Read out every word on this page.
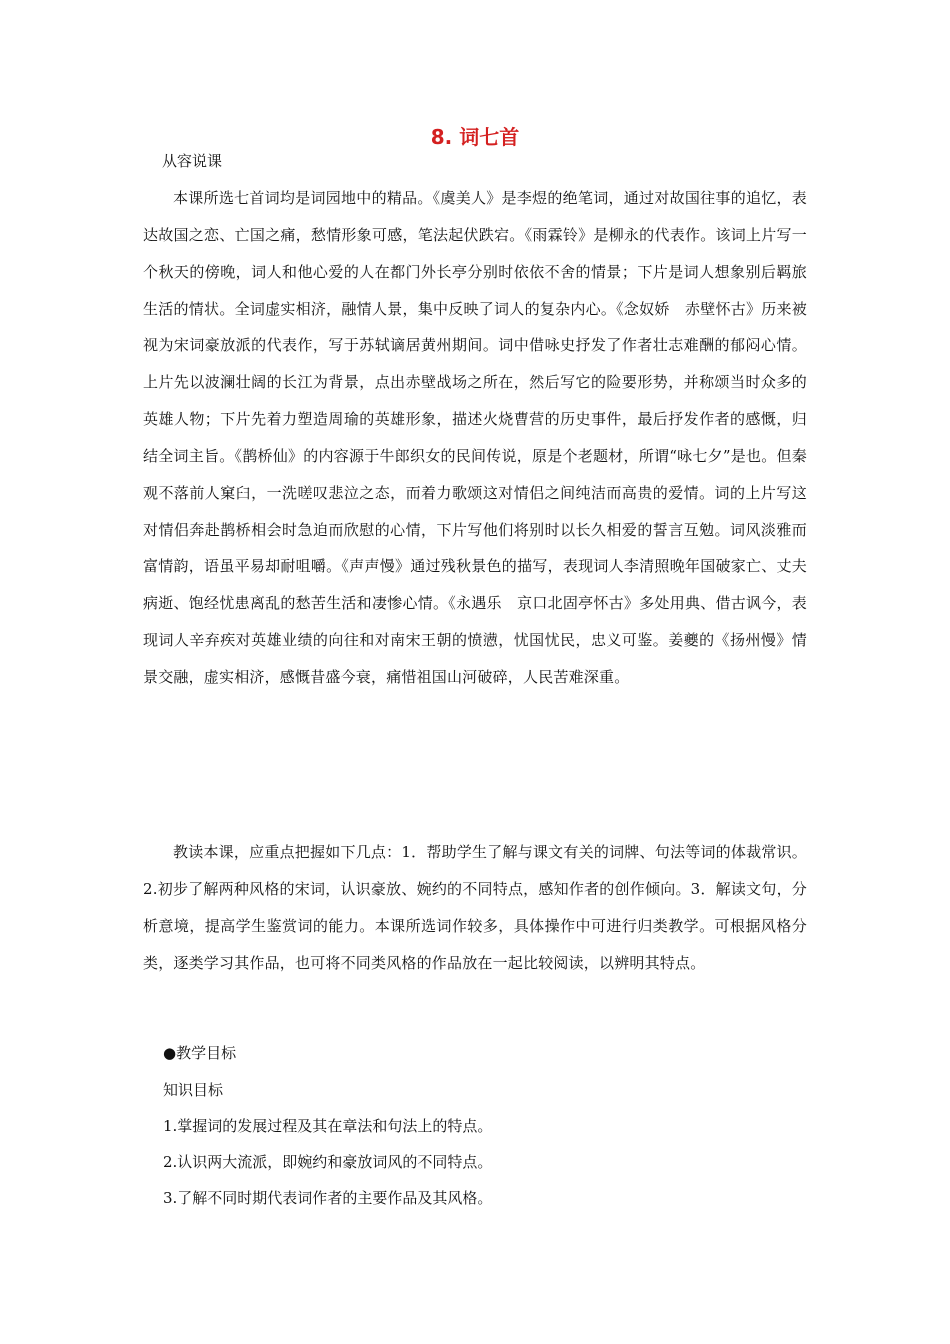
8. 词七首
从容说课
本课所选七首词均是词园地中的精品。《虞美人》是李煜的绝笔词，通过对故国往事的追忆，表达故国之恋、亡国之痛，愁情形象可感，笔法起伏跌宕。《雨霖铃》是柳永的代表作。该词上片写一个秋天的傍晚，词人和他心爱的人在都门外长亭分别时依依不舍的情景；下片是词人想象别后羁旅生活的情状。全词虚实相济，融情人景，集中反映了词人的复杂内心。《念奴娇　赤壁怀古》历来被视为宋词豪放派的代表作，写于苏轼谪居黄州期间。词中借咏史抒发了作者壮志难酬的郁闷心情。上片先以波澜壮阔的长江为背景，点出赤壁战场之所在，然后写它的险要形势，并称颂当时众多的英雄人物；下片先着力塑造周瑜的英雄形象，描述火烧曹营的历史事件，最后抒发作者的感慨，归结全词主旨。《鹊桥仙》的内容源于牛郎织女的民间传说，原是个老题材，所谓“咏七夕”是也。但秦观不落前人窠臼，一洗嗟叹悲泣之态，而着力歌颂这对情侣之间纯洁而高贵的爱情。词的上片写这对情侣奔赴鹊桥相会时急迫而欣慰的心情，下片写他们将别时以长久相爱的誓言互勉。词风淡雅而富情韵，语虽平易却耐咀嚼。《声声慢》通过残秋景色的描写，表现词人李清照晚年国破家亡、丈夫病逝、饱经忧患离乱的愁苦生活和凄惨心情。《永遇乐　京口北固亭怀古》多处用典、借古讽今，表现词人辛弃疾对英雄业绩的向往和对南宋王朝的愤懑，忧国忧民，忠义可鉴。姜夔的《扬州慢》情景交融，虚实相济，感慨昔盛今衰，痛惜祖国山河破碎，人民苦难深重。
教读本课，应重点把握如下几点：1．帮助学生了解与课文有关的词牌、句法等词的体裁常识。2.初步了解两种风格的宋词，认识豪放、婉约的不同特点，感知作者的创作倾向。3．解读文句，分析意境，提高学生鉴赏词的能力。本课所选词作较多，具体操作中可进行归类教学。可根据风格分类，逐类学习其作品，也可将不同类风格的作品放在一起比较阅读，以辨明其特点。
●教学目标
知识目标
1.掌握词的发展过程及其在章法和句法上的特点。
2.认识两大流派，即婉约和豪放词风的不同特点。
3.了解不同时期代表词作者的主要作品及其风格。
